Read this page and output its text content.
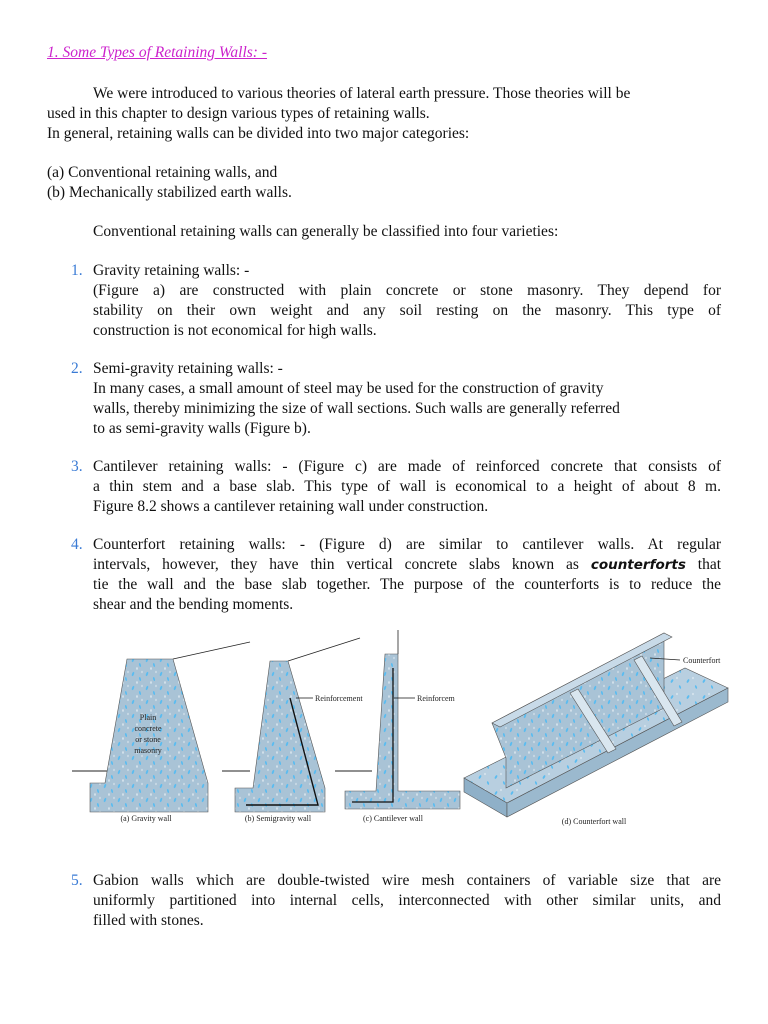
1. Some Types of Retaining Walls: -

We were introduced to various theories of lateral earth pressure. Those theories will be

used in this chapter to design various types of retaining walls.

In general, retaining walls can be divided into two major categories:

(a) Conventional retaining walls, and

(b) Mechanically stabilized earth walls.

Conventional retaining walls can generally be classified into four varieties:

1. Gravity retaining walls: -
(Figure a) are constructed with plain concrete or stone masonry. They depend for
stability on their own weight and any soil resting on the masonry. This type of
construction is not economical for high walls.
2. Semi-gravity retaining walls: -
In many cases, a small amount of steel may be used for the construction of gravity
walls, thereby minimizing the size of wall sections. Such walls are generally referred
to as semi-gravity walls (Figure b).
3. Cantilever retaining walls: - (Figure c) are made of reinforced concrete that consists of
a thin stem and a base slab. This type of wall is economical to a height of about 8 m.
Figure 8.2 shows a cantilever retaining wall under construction.
4. Counterfort retaining walls: - (Figure d) are similar to cantilever walls. At regular
intervals, however, they have thin vertical concrete slabs known as counterforts that
tie the wall and the base slab together. The purpose of the counterforts is to reduce the
shear and the bending moments.
Plain
concrete
or stone
masonry
(a) Gravity wall
Reinforcement
(b) Semigravity wall
Reinforcem
(c) Cantilever wall
Counterfort
(d) Counterfort wall
5. Gabion walls which are double-twisted wire mesh containers of variable size that are
uniformly partitioned into internal cells, interconnected with other similar units, and
filled with stones.
